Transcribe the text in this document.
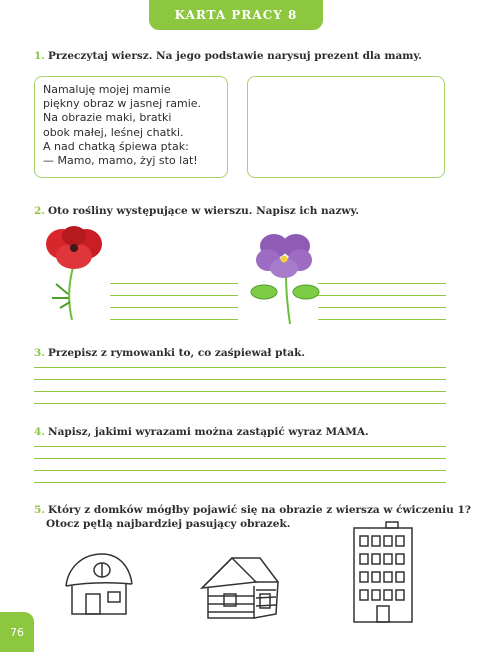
KARTA PRACY 8
1. Przeczytaj wiersz. Na jego podstawie narysuj prezent dla mamy.
Namaluję mojej mamie
piękny obraz w jasnej ramie.
Na obrazie maki, bratki
obok małej, leśnej chatki.
A nad chatką śpiewa ptak:
— Mamo, mamo, żyj sto lat!
2. Oto rośliny występujące w wierszu. Napisz ich nazwy.
3. Przepisz z rymowanki to, co zaśpiewał ptak.
4. Napisz, jakimi wyrazami można zastąpić wyraz MAMA.
5. Który z domków mógłby pojawić się na obrazie z wiersza w ćwiczeniu 1?
Otocz pętlą najbardziej pasujący obrazek.
76
